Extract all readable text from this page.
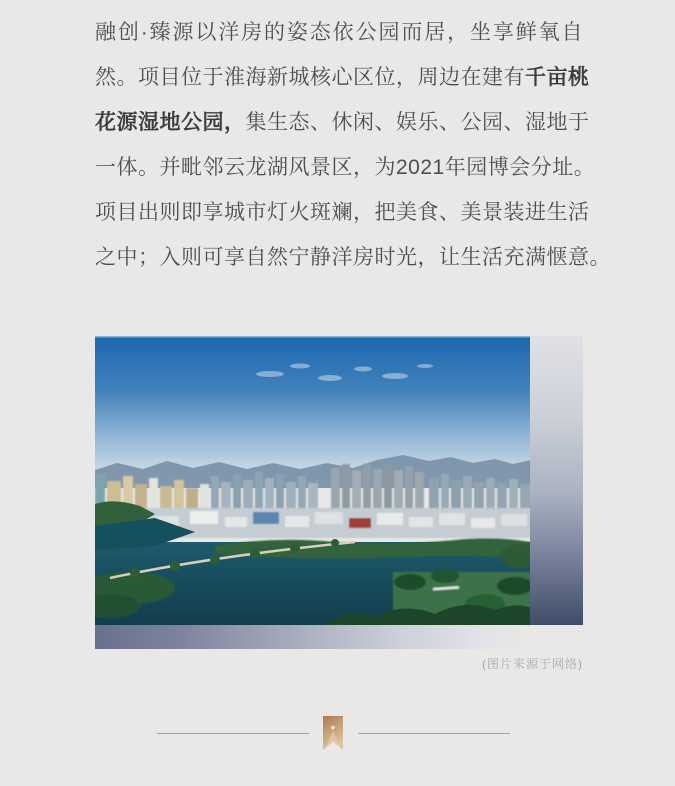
融创·臻源以洋房的姿态依公园而居，坐享鲜氧自
然。项目位于淮海新城核心区位，周边在建有千亩桃
花源湿地公园，集生态、休闲、娱乐、公园、湿地于
一体。并毗邻云龙湖风景区，为2021年园博会分址。
项目出则即享城市灯火斑斓，把美食、美景装进生活
之中；入则可享自然宁静洋房时光，让生活充满惬意。
(图片来源于网络)
